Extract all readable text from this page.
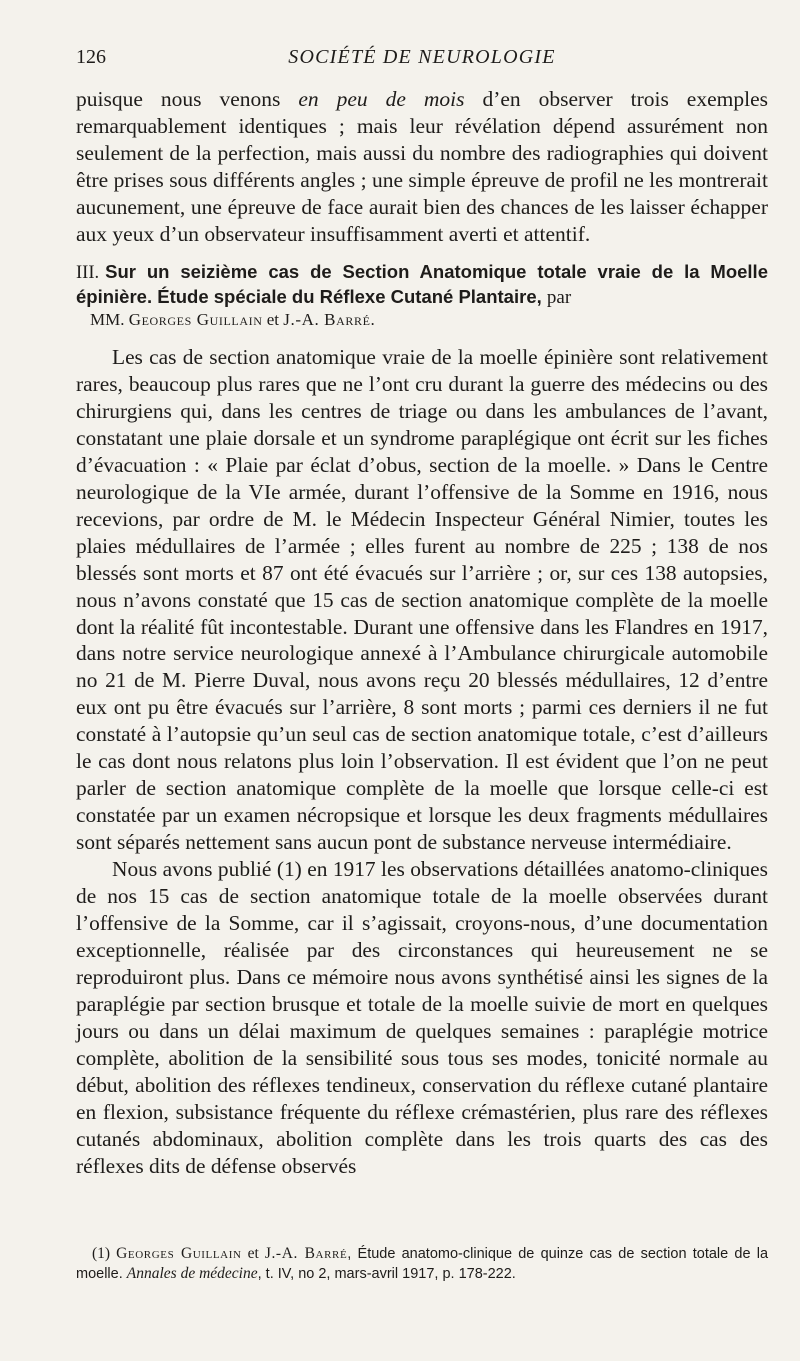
126	SOCIÉTÉ DE NEUROLOGIE

puisque nous venons en peu de mois d’en observer trois exemples remarquablement identiques ; mais leur révélation dépend assurément non seulement de la perfection, mais aussi du nombre des radiographies qui doivent être prises sous différents angles ; une simple épreuve de profil ne les montrerait aucunement, une épreuve de face aurait bien des chances de les laisser échapper aux yeux d’un observateur insuffisamment averti et attentif.

III. Sur un seizième cas de Section Anatomique totale vraie de la Moelle épinière. Étude spéciale du Réflexe Cutané Plantaire, par

MM. Georges Guillain et J.-A. Barré.

Les cas de section anatomique vraie de la moelle épinière sont relativement rares, beaucoup plus rares que ne l’ont cru durant la guerre des médecins ou des chirurgiens qui, dans les centres de triage ou dans les ambulances de l’avant, constatant une plaie dorsale et un syndrome paraplégique ont écrit sur les fiches d’évacuation : « Plaie par éclat d’obus, section de la moelle. » Dans le Centre neurologique de la VIe armée, durant l’offensive de la Somme en 1916, nous recevions, par ordre de M. le Médecin Inspecteur Général Nimier, toutes les plaies médullaires de l’armée ; elles furent au nombre de 225 ; 138 de nos blessés sont morts et 87 ont été évacués sur l’arrière ; or, sur ces 138 autopsies, nous n’avons constaté que 15 cas de section anatomique complète de la moelle dont la réalité fût incontestable. Durant une offensive dans les Flandres en 1917, dans notre service neurologique annexé à l’Ambulance chirurgicale automobile no 21 de M. Pierre Duval, nous avons reçu 20 blessés médullaires, 12 d’entre eux ont pu être évacués sur l’arrière, 8 sont morts ; parmi ces derniers il ne fut constaté à l’autopsie qu’un seul cas de section anatomique totale, c’est d’ailleurs le cas dont nous relatons plus loin l’observation. Il est évident que l’on ne peut parler de section anatomique complète de la moelle que lorsque celle-ci est constatée par un examen nécropsique et lorsque les deux fragments médullaires sont séparés nettement sans aucun pont de substance nerveuse intermédiaire.

Nous avons publié (1) en 1917 les observations détaillées anatomo-cliniques de nos 15 cas de section anatomique totale de la moelle observées durant l’offensive de la Somme, car il s’agissait, croyons-nous, d’une documentation exceptionnelle, réalisée par des circonstances qui heureusement ne se reproduiront plus. Dans ce mémoire nous avons synthétisé ainsi les signes de la paraplégie par section brusque et totale de la moelle suivie de mort en quelques jours ou dans un délai maximum de quelques semaines : paraplégie motrice complète, abolition de la sensibilité sous tous ses modes, tonicité normale au début, abolition des réflexes tendineux, conservation du réflexe cutané plantaire en flexion, subsistance fréquente du réflexe crémastérien, plus rare des réflexes cutanés abdominaux, abolition complète dans les trois quarts des cas des réflexes dits de défense observés

(1) Georges Guillain et J.-A. Barré, Étude anatomo-clinique de quinze cas de section totale de la moelle. Annales de médecine, t. IV, no 2, mars-avril 1917, p. 178-222.
